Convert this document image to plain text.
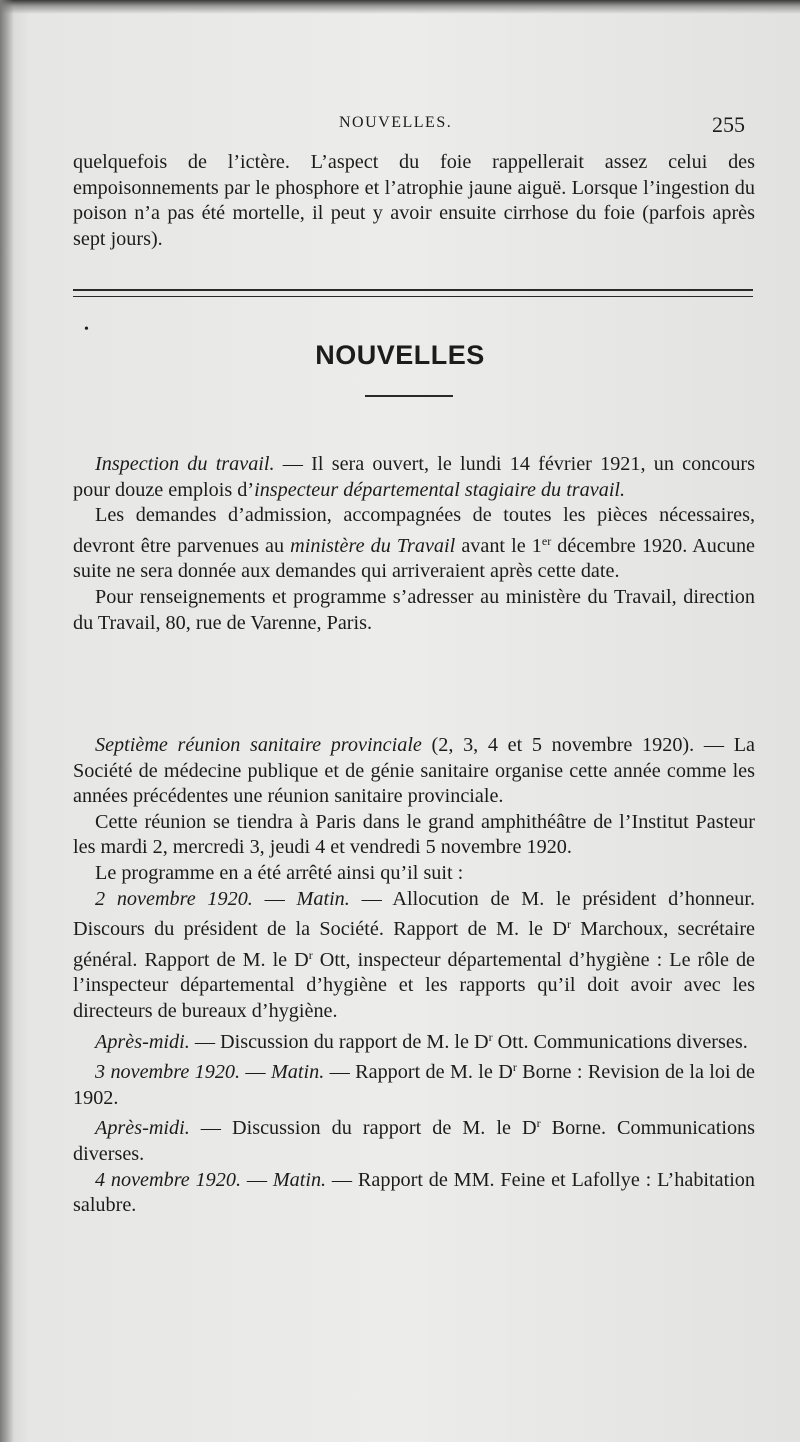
NOUVELLES.	255

quelquefois de l’ictère. L’aspect du foie rappellerait assez celui des empoisonnements par le phosphore et l’atrophie jaune aiguë. Lorsque l’ingestion du poison n’a pas été mortelle, il peut y avoir ensuite cirrhose du foie (parfois après sept jours).

•
NOUVELLES

Inspection du travail. — Il sera ouvert, le lundi 14 février 1921, un concours pour douze emplois d’inspecteur départemental stagiaire du travail.

Les demandes d’admission, accompagnées de toutes les pièces nécessaires, devront être parvenues au ministère du Travail avant le 1er décembre 1920. Aucune suite ne sera donnée aux demandes qui arriveraient après cette date.

Pour renseignements et programme s’adresser au ministère du Travail, direction du Travail, 80, rue de Varenne, Paris.

Septième réunion sanitaire provinciale (2, 3, 4 et 5 novembre 1920). — La Société de médecine publique et de génie sanitaire organise cette année comme les années précédentes une réunion sanitaire provinciale.

Cette réunion se tiendra à Paris dans le grand amphithéâtre de l’Institut Pasteur les mardi 2, mercredi 3, jeudi 4 et vendredi 5 novembre 1920.

Le programme en a été arrêté ainsi qu’il suit :

2 novembre 1920. — Matin. — Allocution de M. le président d’honneur. Discours du président de la Société. Rapport de M. le $D^r$ Marchoux, secrétaire général. Rapport de M. le $D^r$ Ott, inspecteur départemental d’hygiène : Le rôle de l’inspecteur départemental d’hygiène et les rapports qu’il doit avoir avec les directeurs de bureaux d’hygiène.

Après-midi. — Discussion du rapport de M. le $D^r$ Ott. Communications diverses.

3 novembre 1920. — Matin. — Rapport de M. le $D^r$ Borne : Revision de la loi de 1902.

Après-midi. — Discussion du rapport de M. le $D^r$ Borne. Communications diverses.

4 novembre 1920. — Matin. — Rapport de MM. Feine et Lafollye : L’habitation salubre.
